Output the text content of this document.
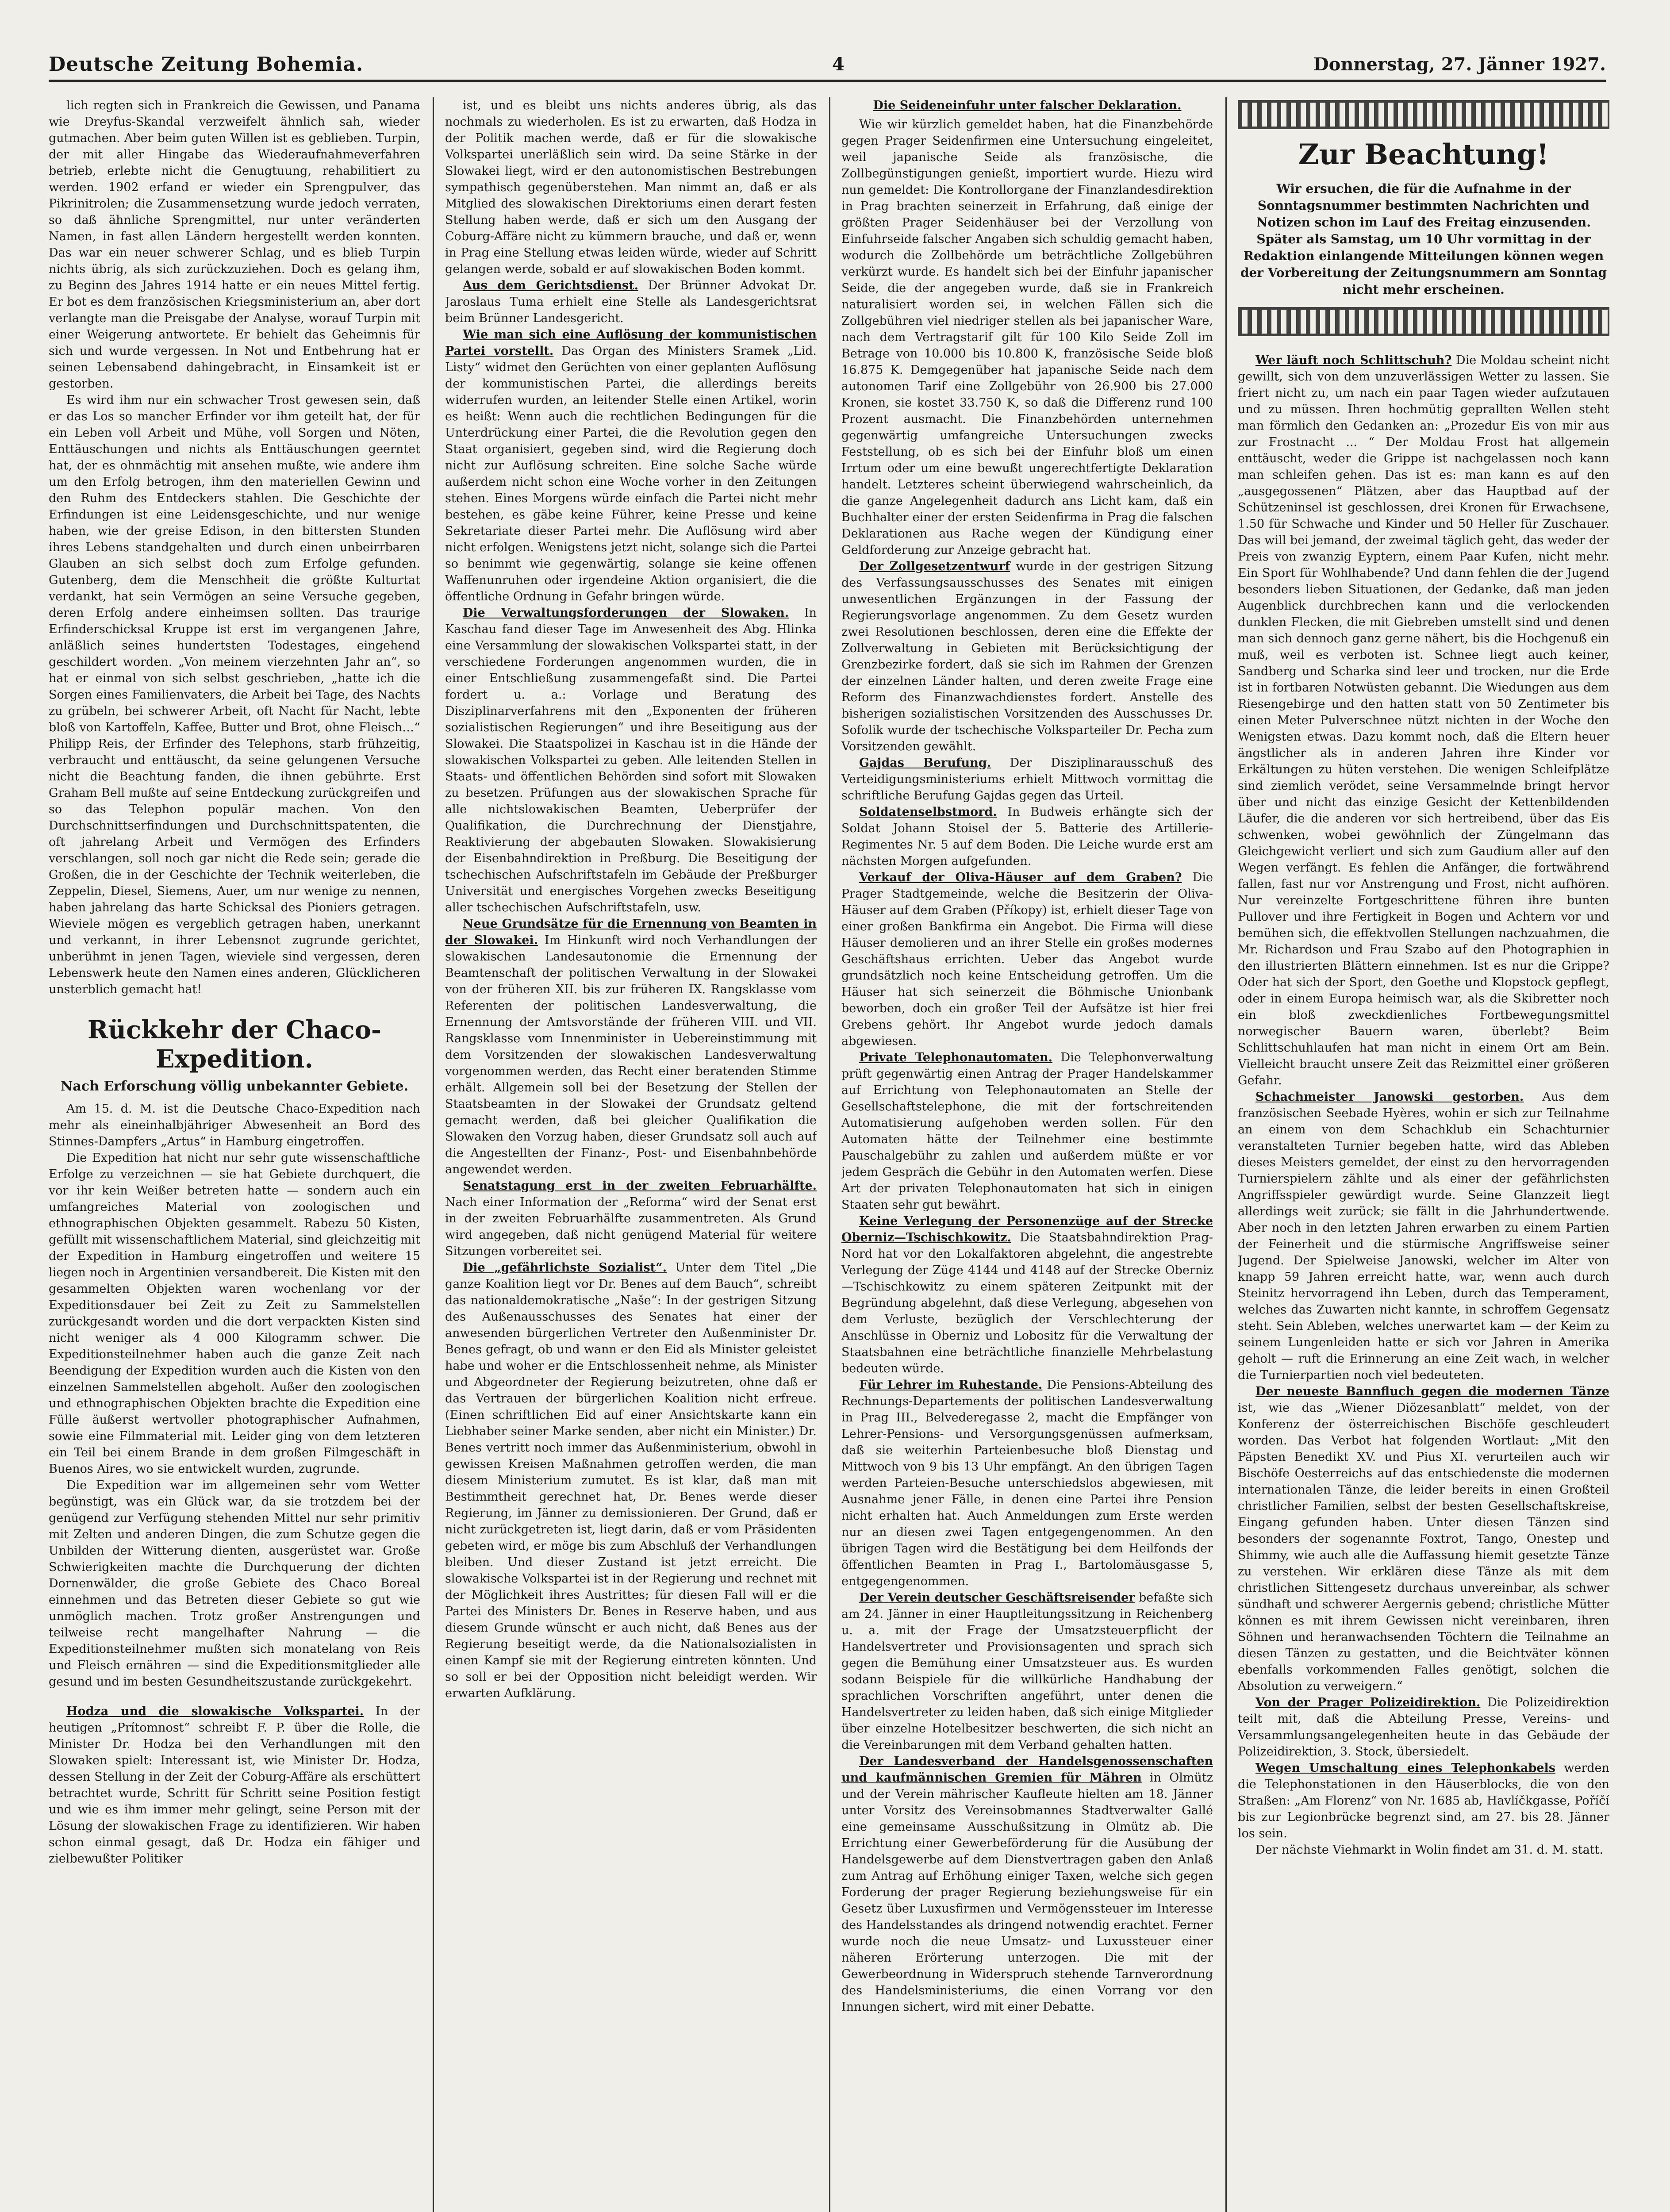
Deutsche Zeitung Bohemia.	4	Donnerstag, 27. Jänner 1927.

lich regten sich in Frankreich die Gewissen, und Panama wie Dreyfus-Skandal verzweifelt ähnlich sah, wieder gutmachen. Aber beim guten Willen ist es geblieben. Turpin, der mit aller Hingabe das Wiederaufnahmeverfahren betrieb, erlebte nicht die Genugtuung, rehabilitiert zu werden. 1902 erfand er wieder ein Sprengpulver, das Pikrinitrolen; die Zusammensetzung wurde jedoch verraten, so daß ähnliche Sprengmittel, nur unter veränderten Namen, in fast allen Ländern hergestellt werden konnten. Das war ein neuer schwerer Schlag, und es blieb Turpin nichts übrig, als sich zurückzuziehen. Doch es gelang ihm, zu Beginn des Jahres 1914 hatte er ein neues Mittel fertig. Er bot es dem französischen Kriegsministerium an, aber dort verlangte man die Preisgabe der Analyse, worauf Turpin mit einer Weigerung antwortete. Er behielt das Geheimnis für sich und wurde vergessen. In Not und Entbehrung hat er seinen Lebensabend dahingebracht, in Einsamkeit ist er gestorben.

Es wird ihm nur ein schwacher Trost gewesen sein, daß er das Los so mancher Erfinder vor ihm geteilt hat, der für ein Leben voll Arbeit und Mühe, voll Sorgen und Nöten, Enttäuschungen und nichts als Enttäuschungen geerntet hat, der es ohnmächtig mit ansehen mußte, wie andere ihm um den Erfolg betrogen, ihm den materiellen Gewinn und den Ruhm des Entdeckers stahlen. Die Geschichte der Erfindungen ist eine Leidensgeschichte, und nur wenige haben, wie der greise Edison, in den bittersten Stunden ihres Lebens standgehalten und durch einen unbeirrbaren Glauben an sich selbst doch zum Erfolge gefunden. Gutenberg, dem die Menschheit die größte Kulturtat verdankt, hat sein Vermögen an seine Versuche gegeben, deren Erfolg andere einheimsen sollten. Das traurige Erfinderschicksal Kruppe ist erst im vergangenen Jahre, anläßlich seines hundertsten Todestages, eingehend geschildert worden. „Von meinem vierzehnten Jahr an“, so hat er einmal von sich selbst geschrieben, „hatte ich die Sorgen eines Familienvaters, die Arbeit bei Tage, des Nachts zu grübeln, bei schwerer Arbeit, oft Nacht für Nacht, lebte bloß von Kartoffeln, Kaffee, Butter und Brot, ohne Fleisch…“ Philipp Reis, der Erfinder des Telephons, starb frühzeitig, verbraucht und enttäuscht, da seine gelungenen Versuche nicht die Beachtung fanden, die ihnen gebührte. Erst Graham Bell mußte auf seine Entdeckung zurückgreifen und so das Telephon populär machen. Von den Durchschnittserfindungen und Durchschnittspatenten, die oft jahrelang Arbeit und Vermögen des Erfinders verschlangen, soll noch gar nicht die Rede sein; gerade die Großen, die in der Geschichte der Technik weiterleben, die Zeppelin, Diesel, Siemens, Auer, um nur wenige zu nennen, haben jahrelang das harte Schicksal des Pioniers getragen. Wieviele mögen es vergeblich getragen haben, unerkannt und verkannt, in ihrer Lebensnot zugrunde gerichtet, unberühmt in jenen Tagen, wieviele sind vergessen, deren Lebenswerk heute den Namen eines anderen, Glücklicheren unsterblich gemacht hat!

Rückkehr der Chaco-Expedition.
Nach Erforschung völlig unbekannter Gebiete.

Am 15. d. M. ist die Deutsche Chaco-Expedition nach mehr als eineinhalbjähriger Abwesenheit an Bord des Stinnes-Dampfers „Artus“ in Hamburg eingetroffen.

Die Expedition hat nicht nur sehr gute wissenschaftliche Erfolge zu verzeichnen — sie hat Gebiete durchquert, die vor ihr kein Weißer betreten hatte — sondern auch ein umfangreiches Material von zoologischen und ethnographischen Objekten gesammelt. Rabezu 50 Kisten, gefüllt mit wissenschaftlichem Material, sind gleichzeitig mit der Expedition in Hamburg eingetroffen und weitere 15 liegen noch in Argentinien versandbereit. Die Kisten mit den gesammelten Objekten waren wochenlang vor der Expeditionsdauer bei Zeit zu Zeit zu Sammelstellen zurückgesandt worden und die dort verpackten Kisten sind nicht weniger als 4 000 Kilogramm schwer. Die Expeditionsteilnehmer haben auch die ganze Zeit nach Beendigung der Expedition wurden auch die Kisten von den einzelnen Sammelstellen abgeholt. Außer den zoologischen und ethnographischen Objekten brachte die Expedition eine Fülle äußerst wertvoller photographischer Aufnahmen, sowie eine Filmmaterial mit. Leider ging von dem letzteren ein Teil bei einem Brande in dem großen Filmgeschäft in Buenos Aires, wo sie entwickelt wurden, zugrunde.

Die Expedition war im allgemeinen sehr vom Wetter begünstigt, was ein Glück war, da sie trotzdem bei der genügend zur Verfügung stehenden Mittel nur sehr primitiv mit Zelten und anderen Dingen, die zum Schutze gegen die Unbilden der Witterung dienten, ausgerüstet war. Große Schwierigkeiten machte die Durchquerung der dichten Dornenwälder, die große Gebiete des Chaco Boreal einnehmen und das Betreten dieser Gebiete so gut wie unmöglich machen. Trotz großer Anstrengungen und teilweise recht mangelhafter Nahrung — die Expeditionsteilnehmer mußten sich monatelang von Reis und Fleisch ernähren — sind die Expeditionsmitglieder alle gesund und im besten Gesundheitszustande zurückgekehrt.

Hodza und die slowakische Volkspartei. In der heutigen „Prítomnost“ schreibt F. P. über die Rolle, die Minister Dr. Hodza bei den Verhandlungen mit den Slowaken spielt: Interessant ist, wie Minister Dr. Hodza, dessen Stellung in der Zeit der Coburg-Affäre als erschüttert betrachtet wurde, Schritt für Schritt seine Position festigt und wie es ihm immer mehr gelingt, seine Person mit der Lösung der slowakischen Frage zu identifizieren. Wir haben schon einmal gesagt, daß Dr. Hodza ein fähiger und zielbewußter Politiker

ist, und es bleibt uns nichts anderes übrig, als das nochmals zu wiederholen. Es ist zu erwarten, daß Hodza in der Politik machen werde, daß er für die slowakische Volkspartei unerläßlich sein wird. Da seine Stärke in der Slowakei liegt, wird er den autonomistischen Bestrebungen sympathisch gegenüberstehen. Man nimmt an, daß er als Mitglied des slowakischen Direktoriums einen derart festen Stellung haben werde, daß er sich um den Ausgang der Coburg-Affäre nicht zu kümmern brauche, und daß er, wenn in Prag eine Stellung etwas leiden würde, wieder auf Schritt gelangen werde, sobald er auf slowakischen Boden kommt.

Aus dem Gerichtsdienst. Der Brünner Advokat Dr. Jaroslaus Tuma erhielt eine Stelle als Landesgerichtsrat beim Brünner Landesgericht.

Wie man sich eine Auflösung der kommunistischen Partei vorstellt. Das Organ des Ministers Sramek „Lid. Listy“ widmet den Gerüchten von einer geplanten Auflösung der kommunistischen Partei, die allerdings bereits widerrufen wurden, an leitender Stelle einen Artikel, worin es heißt: Wenn auch die rechtlichen Bedingungen für die Unterdrückung einer Partei, die die Revolution gegen den Staat organisiert, gegeben sind, wird die Regierung doch nicht zur Auflösung schreiten. Eine solche Sache würde außerdem nicht schon eine Woche vorher in den Zeitungen stehen. Eines Morgens würde einfach die Partei nicht mehr bestehen, es gäbe keine Führer, keine Presse und keine Sekretariate dieser Partei mehr. Die Auflösung wird aber nicht erfolgen. Wenigstens jetzt nicht, solange sich die Partei so benimmt wie gegenwärtig, solange sie keine offenen Waffenunruhen oder irgendeine Aktion organisiert, die die öffentliche Ordnung in Gefahr bringen würde.

Die Verwaltungsforderungen der Slowaken. In Kaschau fand dieser Tage im Anwesenheit des Abg. Hlinka eine Versammlung der slowakischen Volkspartei statt, in der verschiedene Forderungen angenommen wurden, die in einer Entschließung zusammengefaßt sind. Die Partei fordert u. a.: Vorlage und Beratung des Disziplinarverfahrens mit den „Exponenten der früheren sozialistischen Regierungen“ und ihre Beseitigung aus der Slowakei. Die Staatspolizei in Kaschau ist in die Hände der slowakischen Volkspartei zu geben. Alle leitenden Stellen in Staats- und öffentlichen Behörden sind sofort mit Slowaken zu besetzen. Prüfungen aus der slowakischen Sprache für alle nichtslowakischen Beamten, Ueberprüfer der Qualifikation, die Durchrechnung der Dienstjahre, Reaktivierung der abgebauten Slowaken. Slowakisierung der Eisenbahndirektion in Preßburg. Die Beseitigung der tschechischen Aufschriftstafeln im Gebäude der Preßburger Universität und energisches Vorgehen zwecks Beseitigung aller tschechischen Aufschriftstafeln, usw.

Neue Grundsätze für die Ernennung von Beamten in der Slowakei. Im Hinkunft wird noch Verhandlungen der slowakischen Landesautonomie die Ernennung der Beamtenschaft der politischen Verwaltung in der Slowakei von der früheren XII. bis zur früheren IX. Rangsklasse vom Referenten der politischen Landesverwaltung, die Ernennung der Amtsvorstände der früheren VIII. und VII. Rangsklasse vom Innenminister in Uebereinstimmung mit dem Vorsitzenden der slowakischen Landesverwaltung vorgenommen werden, das Recht einer beratenden Stimme erhält. Allgemein soll bei der Besetzung der Stellen der Staatsbeamten in der Slowakei der Grundsatz geltend gemacht werden, daß bei gleicher Qualifikation die Slowaken den Vorzug haben, dieser Grundsatz soll auch auf die Angestellten der Finanz-, Post- und Eisenbahnbehörde angewendet werden.

Senatstagung erst in der zweiten Februarhälfte. Nach einer Information der „Reforma“ wird der Senat erst in der zweiten Februarhälfte zusammentreten. Als Grund wird angegeben, daß nicht genügend Material für weitere Sitzungen vorbereitet sei.

Die „gefährlichste Sozialist“. Unter dem Titel „Die ganze Koalition liegt vor Dr. Benes auf dem Bauch“, schreibt das nationaldemokratische „Naše“: In der gestrigen Sitzung des Außenausschusses des Senates hat einer der anwesenden bürgerlichen Vertreter den Außenminister Dr. Benes gefragt, ob und wann er den Eid als Minister geleistet habe und woher er die Entschlossenheit nehme, als Minister und Abgeordneter der Regierung beizutreten, ohne daß er das Vertrauen der bürgerlichen Koalition nicht erfreue. (Einen schriftlichen Eid auf einer Ansichtskarte kann ein Liebhaber seiner Marke senden, aber nicht ein Minister.) Dr. Benes vertritt noch immer das Außenministerium, obwohl in gewissen Kreisen Maßnahmen getroffen werden, die man diesem Ministerium zumutet. Es ist klar, daß man mit Bestimmtheit gerechnet hat, Dr. Benes werde dieser Regierung, im Jänner zu demissionieren. Der Grund, daß er nicht zurückgetreten ist, liegt darin, daß er vom Präsidenten gebeten wird, er möge bis zum Abschluß der Verhandlungen bleiben. Und dieser Zustand ist jetzt erreicht. Die slowakische Volkspartei ist in der Regierung und rechnet mit der Möglichkeit ihres Austrittes; für diesen Fall will er die Partei des Ministers Dr. Benes in Reserve haben, und aus diesem Grunde wünscht er auch nicht, daß Benes aus der Regierung beseitigt werde, da die Nationalsozialisten in einen Kampf sie mit der Regierung eintreten könnten. Und so soll er bei der Opposition nicht beleidigt werden. Wir erwarten Aufklärung.

Die Seideneinfuhr unter falscher Deklaration.

Wie wir kürzlich gemeldet haben, hat die Finanzbehörde gegen Prager Seidenfirmen eine Untersuchung eingeleitet, weil japanische Seide als französische, die Zollbegünstigungen genießt, importiert wurde. Hiezu wird nun gemeldet: Die Kontrollorgane der Finanzlandesdirektion in Prag brachten seinerzeit in Erfahrung, daß einige der größten Prager Seidenhäuser bei der Verzollung von Einfuhrseide falscher Angaben sich schuldig gemacht haben, wodurch die Zollbehörde um beträchtliche Zollgebühren verkürzt wurde. Es handelt sich bei der Einfuhr japanischer Seide, die der angegeben wurde, daß sie in Frankreich naturalisiert worden sei, in welchen Fällen sich die Zollgebühren viel niedriger stellen als bei japanischer Ware, nach dem Vertragstarif gilt für 100 Kilo Seide Zoll im Betrage von 10.000 bis 10.800 K, französische Seide bloß 16.875 K. Demgegenüber hat japanische Seide nach dem autonomen Tarif eine Zollgebühr von 26.900 bis 27.000 Kronen, sie kostet 33.750 K, so daß die Differenz rund 100 Prozent ausmacht. Die Finanzbehörden unternehmen gegenwärtig umfangreiche Untersuchungen zwecks Feststellung, ob es sich bei der Einfuhr bloß um einen Irrtum oder um eine bewußt ungerechtfertigte Deklaration handelt. Letzteres scheint überwiegend wahrscheinlich, da die ganze Angelegenheit dadurch ans Licht kam, daß ein Buchhalter einer der ersten Seidenfirma in Prag die falschen Deklarationen aus Rache wegen der Kündigung einer Geldforderung zur Anzeige gebracht hat.

Der Zollgesetzentwurf wurde in der gestrigen Sitzung des Verfassungsausschusses des Senates mit einigen unwesentlichen Ergänzungen in der Fassung der Regierungsvorlage angenommen. Zu dem Gesetz wurden zwei Resolutionen beschlossen, deren eine die Effekte der Zollverwaltung in Gebieten mit Berücksichtigung der Grenzbezirke fordert, daß sie sich im Rahmen der Grenzen der einzelnen Länder halten, und deren zweite Frage eine Reform des Finanzwachdienstes fordert. Anstelle des bisherigen sozialistischen Vorsitzenden des Ausschusses Dr. Sofolik wurde der tschechische Volksparteiler Dr. Pecha zum Vorsitzenden gewählt.

Gajdas Berufung. Der Disziplinarausschuß des Verteidigungsministeriums erhielt Mittwoch vormittag die schriftliche Berufung Gajdas gegen das Urteil.

Soldatenselbstmord. In Budweis erhängte sich der Soldat Johann Stoisel der 5. Batterie des Artillerie-Regimentes Nr. 5 auf dem Boden. Die Leiche wurde erst am nächsten Morgen aufgefunden.

Verkauf der Oliva-Häuser auf dem Graben? Die Prager Stadtgemeinde, welche die Besitzerin der Oliva-Häuser auf dem Graben (Příkopy) ist, erhielt dieser Tage von einer großen Bankfirma ein Angebot. Die Firma will diese Häuser demolieren und an ihrer Stelle ein großes modernes Geschäftshaus errichten. Ueber das Angebot wurde grundsätzlich noch keine Entscheidung getroffen. Um die Häuser hat sich seinerzeit die Böhmische Unionbank beworben, doch ein großer Teil der Aufsätze ist hier frei Grebens gehört. Ihr Angebot wurde jedoch damals abgewiesen.

Private Telephonautomaten. Die Telephonverwaltung prüft gegenwärtig einen Antrag der Prager Handelskammer auf Errichtung von Telephonautomaten an Stelle der Gesellschaftstelephone, die mit der fortschreitenden Automatisierung aufgehoben werden sollen. Für den Automaten hätte der Teilnehmer eine bestimmte Pauschalgebühr zu zahlen und außerdem müßte er vor jedem Gespräch die Gebühr in den Automaten werfen. Diese Art der privaten Telephonautomaten hat sich in einigen Staaten sehr gut bewährt.

Keine Verlegung der Personenzüge auf der Strecke Oberniz—Tschischkowitz. Die Staatsbahndirektion Prag-Nord hat vor den Lokalfaktoren abgelehnt, die angestrebte Verlegung der Züge 4144 und 4148 auf der Strecke Oberniz—Tschischkowitz zu einem späteren Zeitpunkt mit der Begründung abgelehnt, daß diese Verlegung, abgesehen von dem Verluste, bezüglich der Verschlechterung der Anschlüsse in Oberniz und Lobositz für die Verwaltung der Staatsbahnen eine beträchtliche finanzielle Mehrbelastung bedeuten würde.

Für Lehrer im Ruhestande. Die Pensions-Abteilung des Rechnungs-Departements der politischen Landesverwaltung in Prag III., Belvederegasse 2, macht die Empfänger von Lehrer-Pensions- und Versorgungsgenüssen aufmerksam, daß sie weiterhin Parteienbesuche bloß Dienstag und Mittwoch von 9 bis 13 Uhr empfängt. An den übrigen Tagen werden Parteien-Besuche unterschiedslos abgewiesen, mit Ausnahme jener Fälle, in denen eine Partei ihre Pension nicht erhalten hat. Auch Anmeldungen zum Erste werden nur an diesen zwei Tagen entgegengenommen. An den übrigen Tagen wird die Bestätigung bei dem Heilfonds der öffentlichen Beamten in Prag I., Bartolomäusgasse 5, entgegengenommen.

Der Verein deutscher Geschäftsreisender befaßte sich am 24. Jänner in einer Hauptleitungssitzung in Reichenberg u. a. mit der Frage der Umsatzsteuerpflicht der Handelsvertreter und Provisionsagenten und sprach sich gegen die Bemühung einer Umsatzsteuer aus. Es wurden sodann Beispiele für die willkürliche Handhabung der sprachlichen Vorschriften angeführt, unter denen die Handelsvertreter zu leiden haben, daß sich einige Mitglieder über einzelne Hotelbesitzer beschwerten, die sich nicht an die Vereinbarungen mit dem Verband gehalten hatten.

Der Landesverband der Handelsgenossenschaften und kaufmännischen Gremien für Mähren in Olmütz und der Verein mährischer Kaufleute hielten am 18. Jänner unter Vorsitz des Vereinsobmannes Stadtverwalter Gallé eine gemeinsame Ausschußsitzung in Olmütz ab. Die Errichtung einer Gewerbeförderung für die Ausübung der Handelsgewerbe auf dem Dienstvertragen gaben den Anlaß zum Antrag auf Erhöhung einiger Taxen, welche sich gegen Forderung der prager Regierung beziehungsweise für ein Gesetz über Luxusfirmen und Vermögenssteuer im Interesse des Handelsstandes als dringend notwendig erachtet. Ferner wurde noch die neue Umsatz- und Luxussteuer einer näheren Erörterung unterzogen. Die mit der Gewerbeordnung in Widerspruch stehende Tarnverordnung des Handelsministeriums, die einen Vorrang vor den Innungen sichert, wird mit einer Debatte.

Zur Beachtung!
Wir ersuchen, die für die Aufnahme in der Sonntagsnummer bestimmten Nachrichten und Notizen schon im Lauf des Freitag einzusenden. Später als Samstag, um 10 Uhr vormittag in der Redaktion einlangende Mitteilungen können wegen der Vorbereitung der Zeitungsnummern am Sonntag nicht mehr erscheinen.

Wer läuft noch Schlittschuh? Die Moldau scheint nicht gewillt, sich von dem unzuverlässigen Wetter zu lassen. Sie friert nicht zu, um nach ein paar Tagen wieder aufzutauen und zu müssen. Ihren hochmütig geprallten Wellen steht man förmlich den Gedanken an: „Prozedur Eis von mir aus zur Frostnacht ... “ Der Moldau Frost hat allgemein enttäuscht, weder die Grippe ist nachgelassen noch kann man schleifen gehen. Das ist es: man kann es auf den „ausgegossenen“ Plätzen, aber das Hauptbad auf der Schützeninsel ist geschlossen, drei Kronen für Erwachsene, 1.50 für Schwache und Kinder und 50 Heller für Zuschauer. Das will bei jemand, der zweimal täglich geht, das weder der Preis von zwanzig Eyptern, einem Paar Kufen, nicht mehr. Ein Sport für Wohlhabende? Und dann fehlen die der Jugend besonders lieben Situationen, der Gedanke, daß man jeden Augenblick durchbrechen kann und die verlockenden dunklen Flecken, die mit Giebreben umstellt sind und denen man sich dennoch ganz gerne nähert, bis die Hochgenuß ein muß, weil es verboten ist. Schnee liegt auch keiner, Sandberg und Scharka sind leer und trocken, nur die Erde ist in fortbaren Notwüsten gebannt. Die Wiedungen aus dem Riesengebirge und den hatten statt von 50 Zentimeter bis einen Meter Pulverschnee nützt nichten in der Woche den Wenigsten etwas. Dazu kommt noch, daß die Eltern heuer ängstlicher als in anderen Jahren ihre Kinder vor Erkältungen zu hüten verstehen. Die wenigen Schleifplätze sind ziemlich verödet, seine Versammelnde bringt hervor über und nicht das einzige Gesicht der Kettenbildenden Läufer, die die anderen vor sich hertreibend, über das Eis schwenken, wobei gewöhnlich der Züngelmann das Gleichgewicht verliert und sich zum Gaudium aller auf den Wegen verfängt. Es fehlen die Anfänger, die fortwährend fallen, fast nur vor Anstrengung und Frost, nicht aufhören. Nur vereinzelte Fortgeschrittene führen ihre bunten Pullover und ihre Fertigkeit in Bogen und Achtern vor und bemühen sich, die effektvollen Stellungen nachzuahmen, die Mr. Richardson und Frau Szabo auf den Photographien in den illustrierten Blättern einnehmen. Ist es nur die Grippe? Oder hat sich der Sport, den Goethe und Klopstock gepflegt, oder in einem Europa heimisch war, als die Skibretter noch ein bloß zweckdienliches Fortbewegungsmittel norwegischer Bauern waren, überlebt? Beim Schlittschuhlaufen hat man nicht in einem Ort am Bein. Vielleicht braucht unsere Zeit das Reizmittel einer größeren Gefahr.

Schachmeister Janowski gestorben. Aus dem französischen Seebade Hyères, wohin er sich zur Teilnahme an einem von dem Schachklub ein Schachturnier veranstalteten Turnier begeben hatte, wird das Ableben dieses Meisters gemeldet, der einst zu den hervorragenden Turnierspielern zählte und als einer der gefährlichsten Angriffsspieler gewürdigt wurde. Seine Glanzzeit liegt allerdings weit zurück; sie fällt in die Jahrhundertwende. Aber noch in den letzten Jahren erwarben zu einem Partien der Feinerheit und die stürmische Angriffsweise seiner Jugend. Der Spielweise Janowski, welcher im Alter von knapp 59 Jahren erreicht hatte, war, wenn auch durch Steinitz hervorragend ihn Leben, durch das Temperament, welches das Zuwarten nicht kannte, in schroffem Gegensatz steht. Sein Ableben, welches unerwartet kam — der Keim zu seinem Lungenleiden hatte er sich vor Jahren in Amerika geholt — ruft die Erinnerung an eine Zeit wach, in welcher die Turnierpartien noch viel bedeuteten.

Der neueste Bannfluch gegen die modernen Tänze ist, wie das „Wiener Diözesanblatt“ meldet, von der Konferenz der österreichischen Bischöfe geschleudert worden. Das Verbot hat folgenden Wortlaut: „Mit den Päpsten Benedikt XV. und Pius XI. verurteilen auch wir Bischöfe Oesterreichs auf das entschiedenste die modernen internationalen Tänze, die leider bereits in einen Großteil christlicher Familien, selbst der besten Gesellschaftskreise, Eingang gefunden haben. Unter diesen Tänzen sind besonders der sogenannte Foxtrot, Tango, Onestep und Shimmy, wie auch alle die Auffassung hiemit gesetzte Tänze zu verstehen. Wir erklären diese Tänze als mit dem christlichen Sittengesetz durchaus unvereinbar, als schwer sündhaft und schwerer Aergernis gebend; christliche Mütter können es mit ihrem Gewissen nicht vereinbaren, ihren Söhnen und heranwachsenden Töchtern die Teilnahme an diesen Tänzen zu gestatten, und die Beichtväter können ebenfalls vorkommenden Falles genötigt, solchen die Absolution zu verweigern.“

Von der Prager Polizeidirektion. Die Polizeidirektion teilt mit, daß die Abteilung Presse, Vereins- und Versammlungsangelegenheiten heute in das Gebäude der Polizeidirektion, 3. Stock, übersiedelt.

Wegen Umschaltung eines Telephonkabels werden die Telephonstationen in den Häuserblocks, die von den Straßen: „Am Florenz“ von Nr. 1685 ab, Havlíčkgasse, Poříčí bis zur Legionbrücke begrenzt sind, am 27. bis 28. Jänner los sein.

Der nächste Viehmarkt in Wolin findet am 31. d. M. statt.
